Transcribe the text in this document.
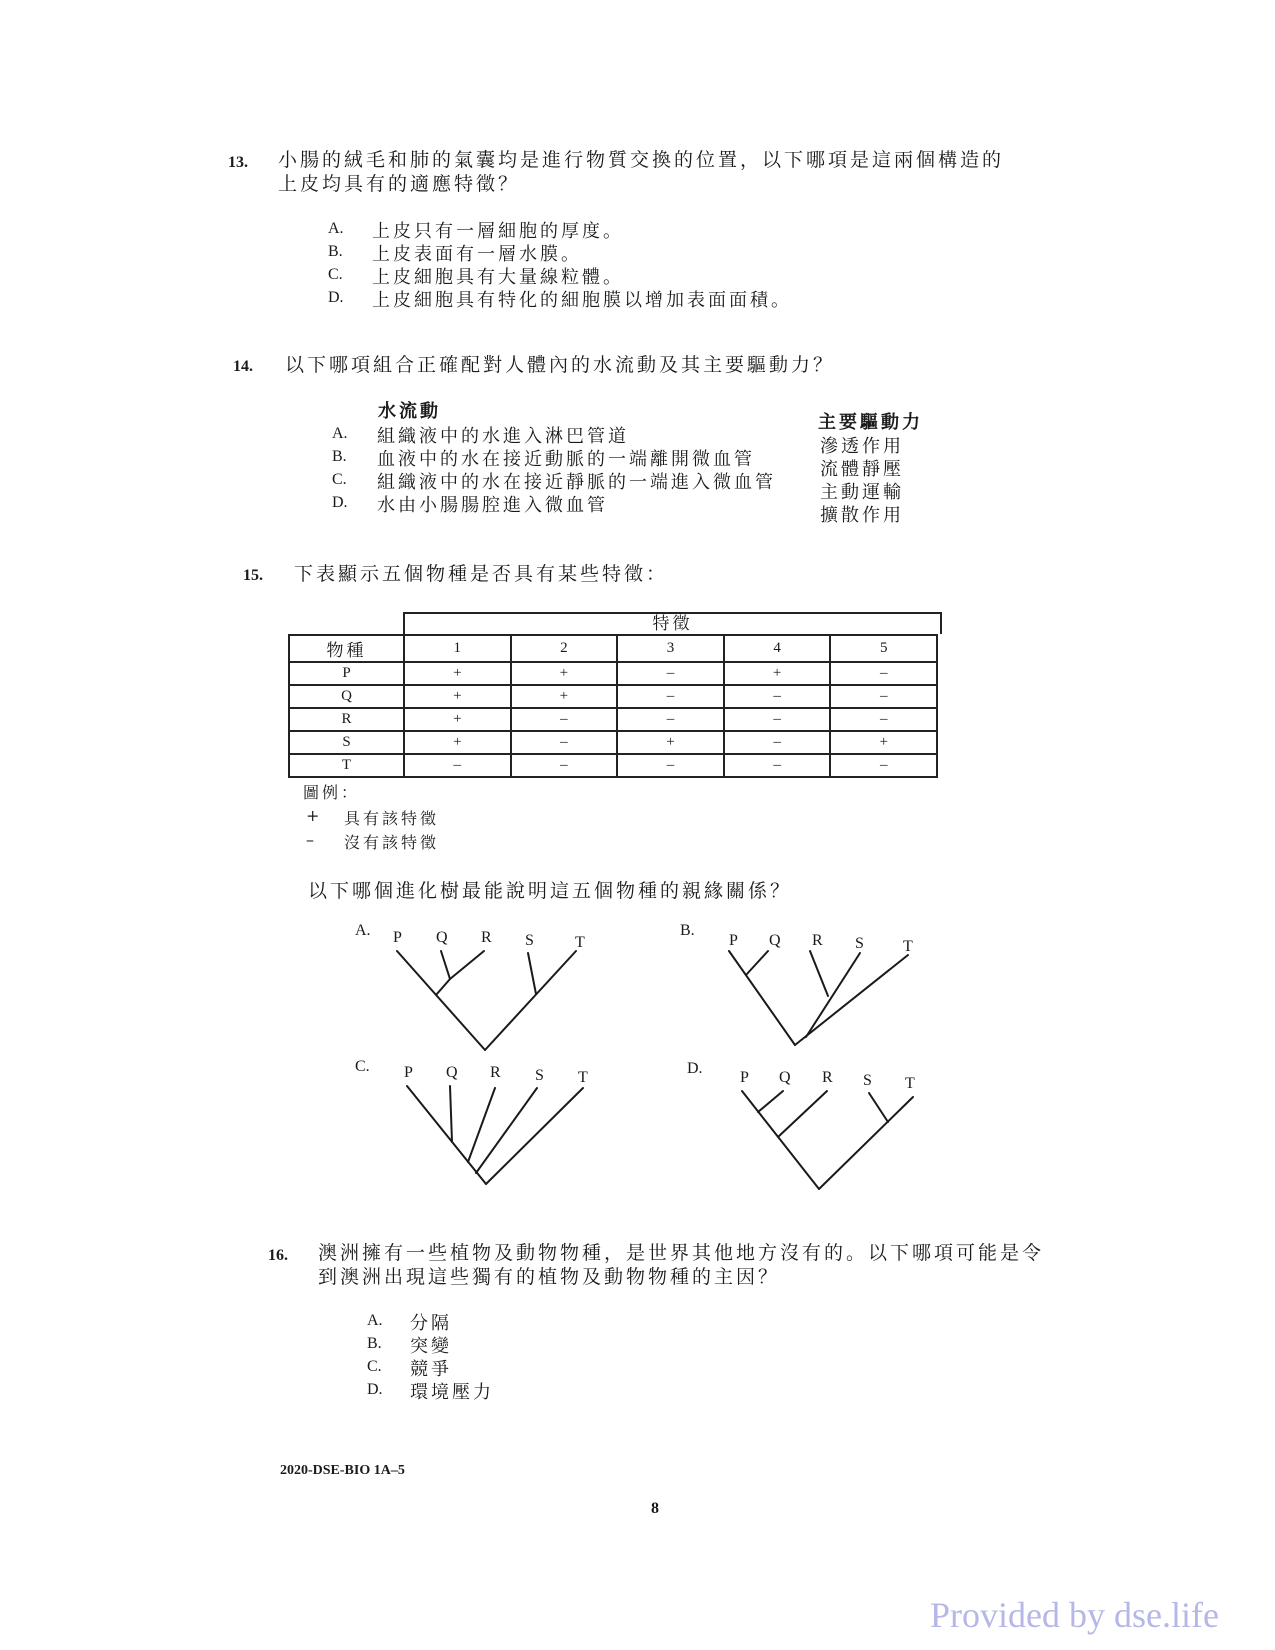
13. 小腸的絨毛和肺的氣囊均是進行物質交換的位置，以下哪項是這兩個構造的
上皮均具有的適應特徵？
A. 上皮只有一層細胞的厚度。
B. 上皮表面有一層水膜。
C. 上皮細胞具有大量線粒體。
D. 上皮細胞具有特化的細胞膜以增加表面面積。
14. 以下哪項組合正確配對人體內的水流動及其主要驅動力？
水流動
主要驅動力
A. 組織液中的水進入淋巴管道	滲透作用
B. 血液中的水在接近動脈的一端離開微血管	流體靜壓
C. 組織液中的水在接近靜脈的一端進入微血管 主動運輸
D. 水由小腸腸腔進入微血管	擴散作用
15. 下表顯示五個物種是否具有某些特徵：
特徵
物種	1	2	3	4	5
P	+	+	–	+	–
Q	+	+	–	–	–
R	+	–	–	–	–
S	+	–	+	–	+
T	–	–	–	–	–
圖例：
+ 具有該特徵
– 沒有該特徵
以下哪個進化樹最能說明這五個物種的親緣關係？
A. P Q R S	T
B.
P Q R S T
C. P Q R S T
D.
P Q R S T
16. 澳洲擁有一些植物及動物物種，是世界其他地方沒有的。以下哪項可能是令
到澳洲出現這些獨有的植物及動物物種的主因？
A. 分隔
B. 突變
C. 競爭
D. 環境壓力
2020-DSE-BIO 1A–5
8
Provided by dse.life
